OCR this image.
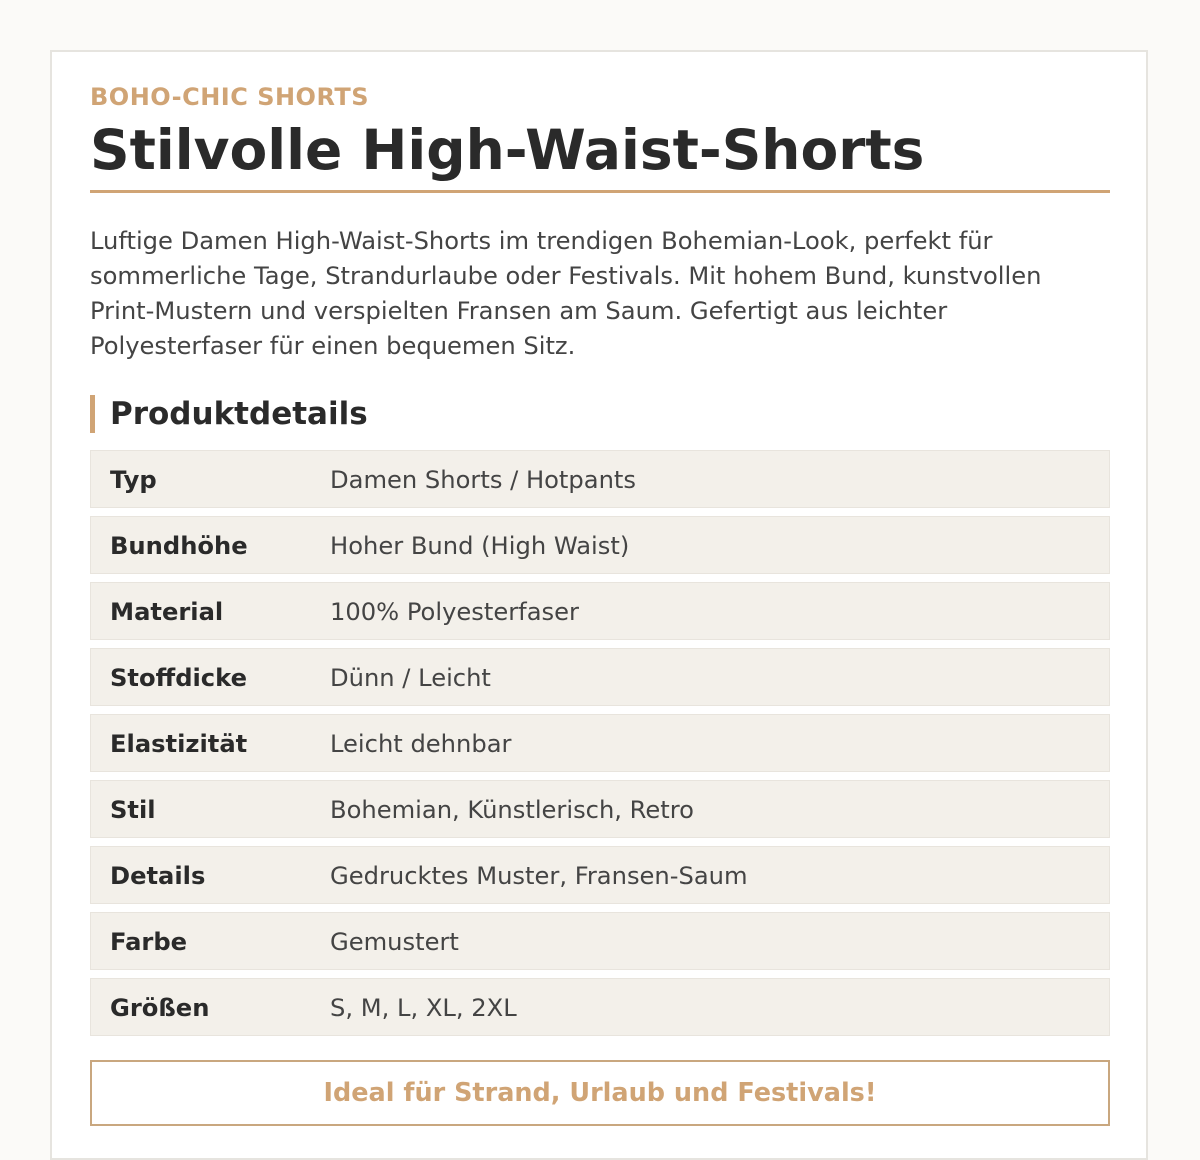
BOHO-CHIC SHORTS
Stilvolle High-Waist-Shorts

Luftige Damen High-Waist-Shorts im trendigen Bohemian-Look, perfekt für sommerliche Tage, Strandurlaube oder Festivals. Mit hohem Bund, kunstvollen Print-Mustern und verspielten Fransen am Saum. Gefertigt aus leichter Polyesterfaser für einen bequemen Sitz.

Produktdetails
Typ	Damen Shorts / Hotpants
Bundhöhe	Hoher Bund (High Waist)
Material	100% Polyesterfaser
Stoffdicke	Dünn / Leicht
Elastizität	Leicht dehnbar
Stil	Bohemian, Künstlerisch, Retro
Details	Gedrucktes Muster, Fransen-Saum
Farbe	Gemustert
Größen	S, M, L, XL, 2XL
Ideal für Strand, Urlaub und Festivals!
